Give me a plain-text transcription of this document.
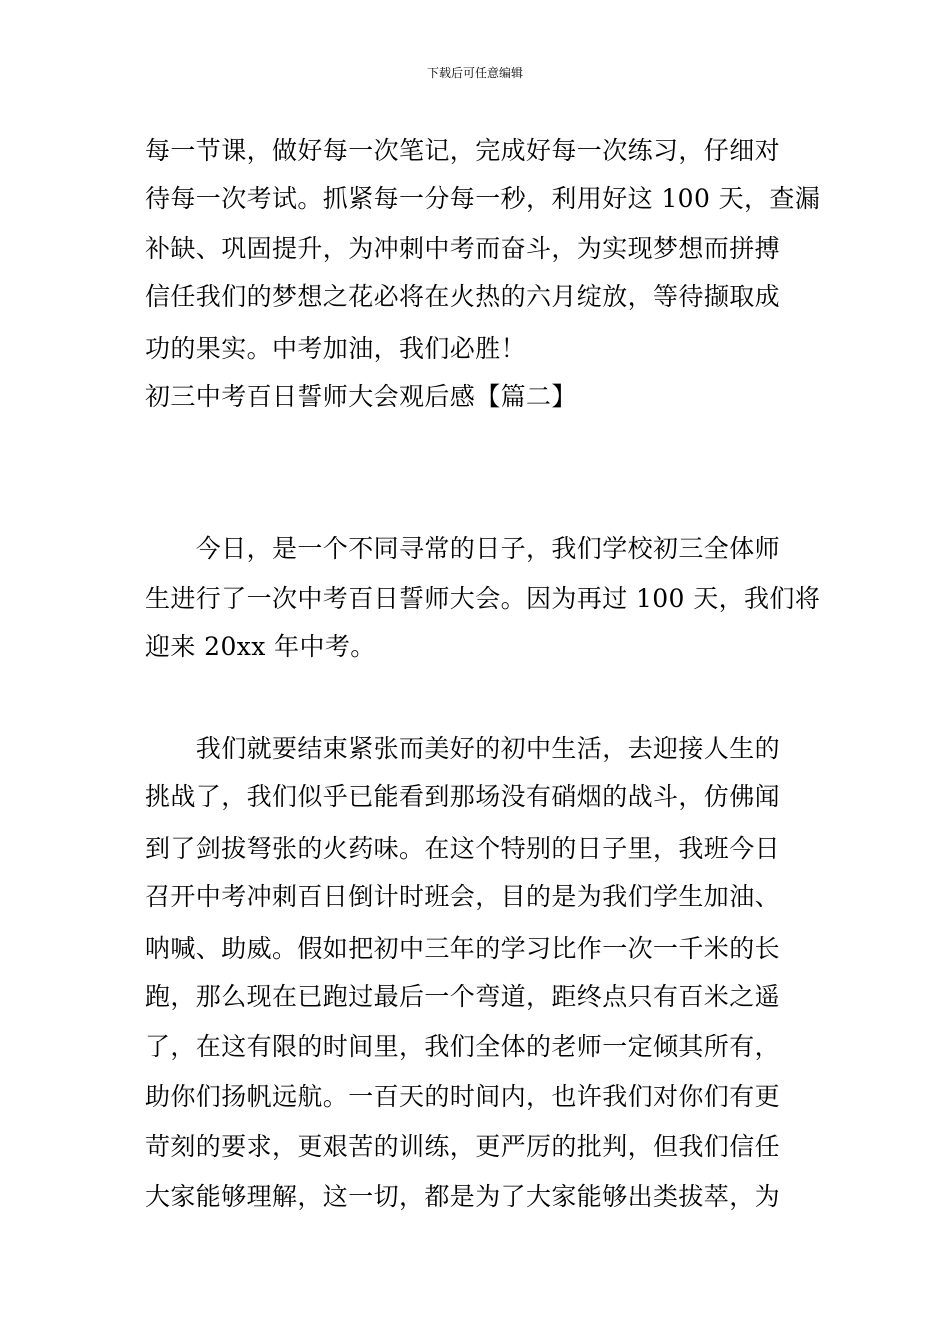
下载后可任意编辑
每一节课，做好每一次笔记，完成好每一次练习，仔细对
待每一次考试。抓紧每一分每一秒，利用好这 100 天，查漏
补缺、巩固提升，为冲刺中考而奋斗，为实现梦想而拼搏
信任我们的梦想之花必将在火热的六月绽放，等待撷取成
功的果实。中考加油，我们必胜！
初三中考百日誓师大会观后感【篇二】
　　今日，是一个不同寻常的日子，我们学校初三全体师
生进行了一次中考百日誓师大会。因为再过 100 天，我们将
迎来 20xx 年中考。
　　我们就要结束紧张而美好的初中生活，去迎接人生的
挑战了，我们似乎已能看到那场没有硝烟的战斗，仿佛闻
到了剑拔弩张的火药味。在这个特别的日子里，我班今日
召开中考冲刺百日倒计时班会，目的是为我们学生加油、
呐喊、助威。假如把初中三年的学习比作一次一千米的长
跑，那么现在已跑过最后一个弯道，距终点只有百米之遥
了，在这有限的时间里，我们全体的老师一定倾其所有，
助你们扬帆远航。一百天的时间内，也许我们对你们有更
苛刻的要求，更艰苦的训练，更严厉的批判，但我们信任
大家能够理解，这一切，都是为了大家能够出类拔萃，为
